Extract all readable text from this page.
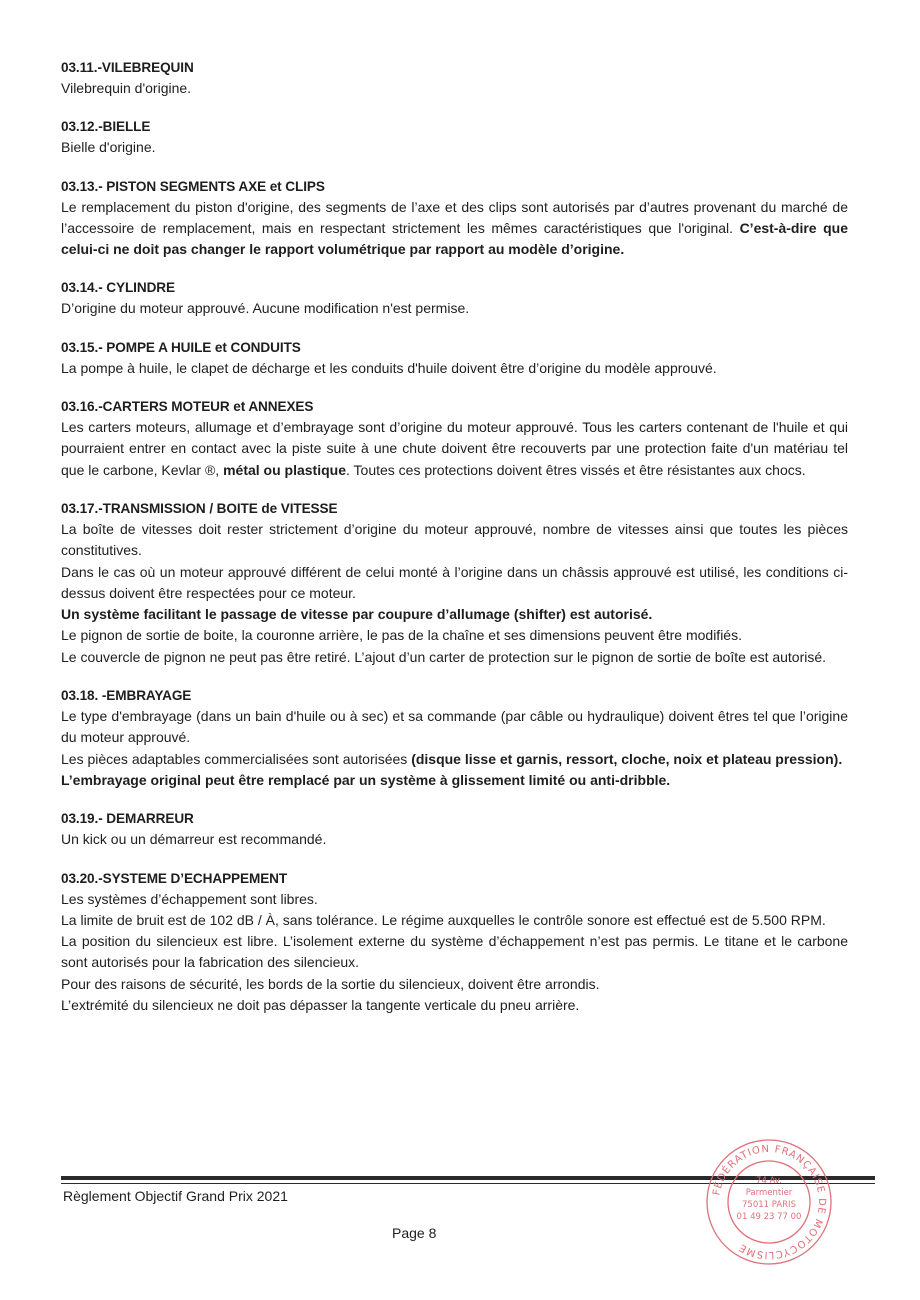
03.11.-VILEBREQUIN

Vilebrequin d'origine.

03.12.-BIELLE

Bielle d'origine.

03.13.- PISTON SEGMENTS AXE et CLIPS

Le remplacement du piston d'origine, des segments de l’axe et des clips sont autorisés par d’autres provenant du marché de l’accessoire de remplacement, mais en respectant strictement les mêmes caractéristiques que l'original. C’est-à-dire que celui-ci ne doit pas changer le rapport volumétrique par rapport au modèle d’origine.

03.14.- CYLINDRE

D’origine du moteur approuvé. Aucune modification n'est permise.

03.15.- POMPE A HUILE et CONDUITS

La pompe à huile, le clapet de décharge et les conduits d'huile doivent être d’origine du modèle approuvé.

03.16.-CARTERS MOTEUR et ANNEXES

Les carters moteurs, allumage et d’embrayage sont d’origine du moteur approuvé. Tous les carters contenant de l'huile et qui pourraient entrer en contact avec la piste suite à une chute doivent être recouverts par une protection faite d'un matériau tel que le carbone, Kevlar ®, métal ou plastique. Toutes ces protections doivent êtres vissés et être résistantes aux chocs.

03.17.-TRANSMISSION / BOITE de VITESSE

La boîte de vitesses doit rester strictement d’origine du moteur approuvé, nombre de vitesses ainsi que toutes les pièces constitutives.

Dans le cas où un moteur approuvé différent de celui monté à l’origine dans un châssis approuvé est utilisé, les conditions ci-dessus doivent être respectées pour ce moteur.

Un système facilitant le passage de vitesse par coupure d’allumage (shifter) est autorisé.

Le pignon de sortie de boite, la couronne arrière, le pas de la chaîne et ses dimensions peuvent être modifiés.

Le couvercle de pignon ne peut pas être retiré. L’ajout d’un carter de protection sur le pignon de sortie de boîte est autorisé.

03.18. -EMBRAYAGE

Le type d'embrayage (dans un bain d'huile ou à sec) et sa commande (par câble ou hydraulique) doivent êtres tel que l’origine du moteur approuvé.

Les pièces adaptables commercialisées sont autorisées (disque lisse et garnis, ressort, cloche, noix et plateau pression).

L’embrayage original peut être remplacé par un système à glissement limité ou anti-dribble.

03.19.- DEMARREUR

Un kick ou un démarreur est recommandé.

03.20.-SYSTEME D’ECHAPPEMENT

Les systèmes d’échappement sont libres.

La limite de bruit est de 102 dB / À, sans tolérance. Le régime auxquelles le contrôle sonore est effectué est de 5.500 RPM.

La position du silencieux est libre. L’isolement externe du système d’échappement n’est pas permis. Le titane et le carbone sont autorisés pour la fabrication des silencieux.

Pour des raisons de sécurité, les bords de la sortie du silencieux, doivent être arrondis.

L’extrémité du silencieux ne doit pas dépasser la tangente verticale du pneu arrière.

Règlement Objectif Grand Prix 2021
Page 8
FÉDÉRATION FRANÇAISE DE MOTOCYCLISME
74 Av.
Parmentier
75011 PARIS
01 49 23 77 00
